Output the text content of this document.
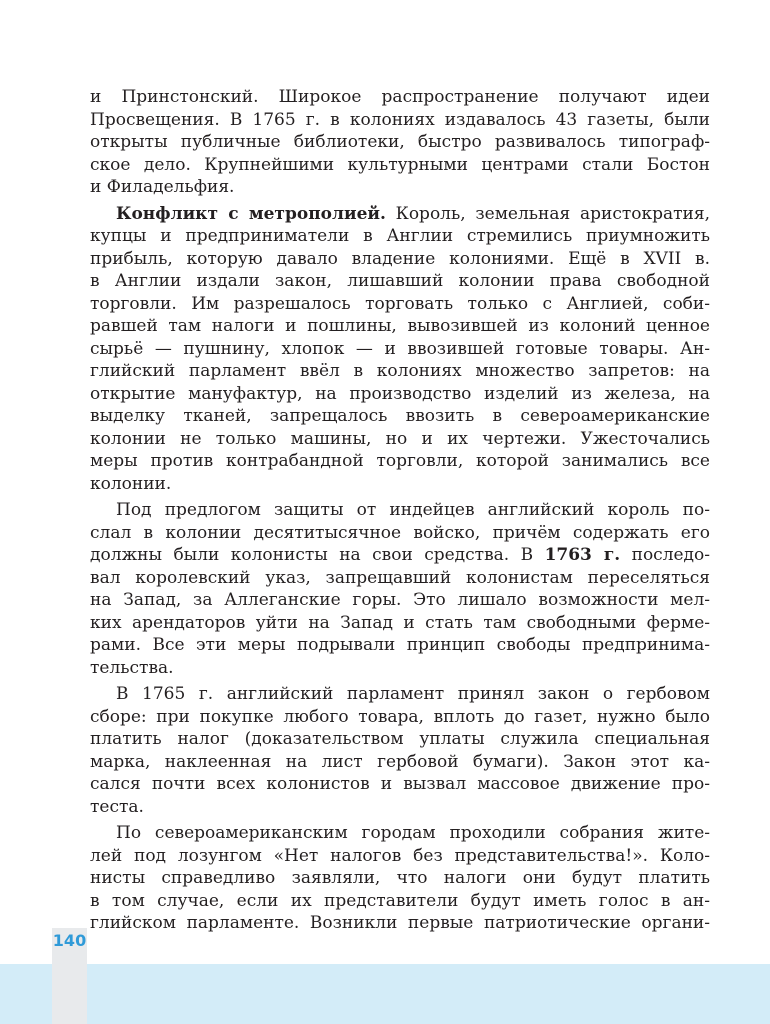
и Принстонский. Широкое распространение получают идеи
Просвещения. В 1765 г. в колониях издавалось 43 газеты, были
открыты публичные библиотеки, быстро развивалось типограф-
ское дело. Крупнейшими культурными центрами стали Бостон
и Филадельфия.
Конфликт с метрополией. Король, земельная аристократия,
купцы и предприниматели в Англии стремились приумножить
прибыль, которую давало владение колониями. Ещё в XVII в.
в Англии издали закон, лишавший колонии права свободной
торговли. Им разрешалось торговать только с Англией, соби-
равшей там налоги и пошлины, вывозившей из колоний ценное
сырьё — пушнину, хлопок — и ввозившей готовые товары. Ан-
глийский парламент ввёл в колониях множество запретов: на
открытие мануфактур, на производство изделий из железа, на
выделку тканей, запрещалось ввозить в североамериканские
колонии не только машины, но и их чертежи. Ужесточались
меры против контрабандной торговли, которой занимались все
колонии.
Под предлогом защиты от индейцев английский король по-
слал в колонии десятитысячное войско, причём содержать его
должны были колонисты на свои средства. В 1763 г. последо-
вал королевский указ, запрещавший колонистам переселяться
на Запад, за Аллеганские горы. Это лишало возможности мел-
ких арендаторов уйти на Запад и стать там свободными ферме-
рами. Все эти меры подрывали принцип свободы предпринима-
тельства.
В 1765 г. английский парламент принял закон о гербовом
сборе: при покупке любого товара, вплоть до газет, нужно было
платить налог (доказательством уплаты служила специальная
марка, наклеенная на лист гербовой бумаги). Закон этот ка-
сался почти всех колонистов и вызвал массовое движение про-
теста.
По североамериканским городам проходили собрания жите-
лей под лозунгом «Нет налогов без представительства!». Коло-
нисты справедливо заявляли, что налоги они будут платить
в том случае, если их представители будут иметь голос в ан-
глийском парламенте. Возникли первые патриотические органи-
140
